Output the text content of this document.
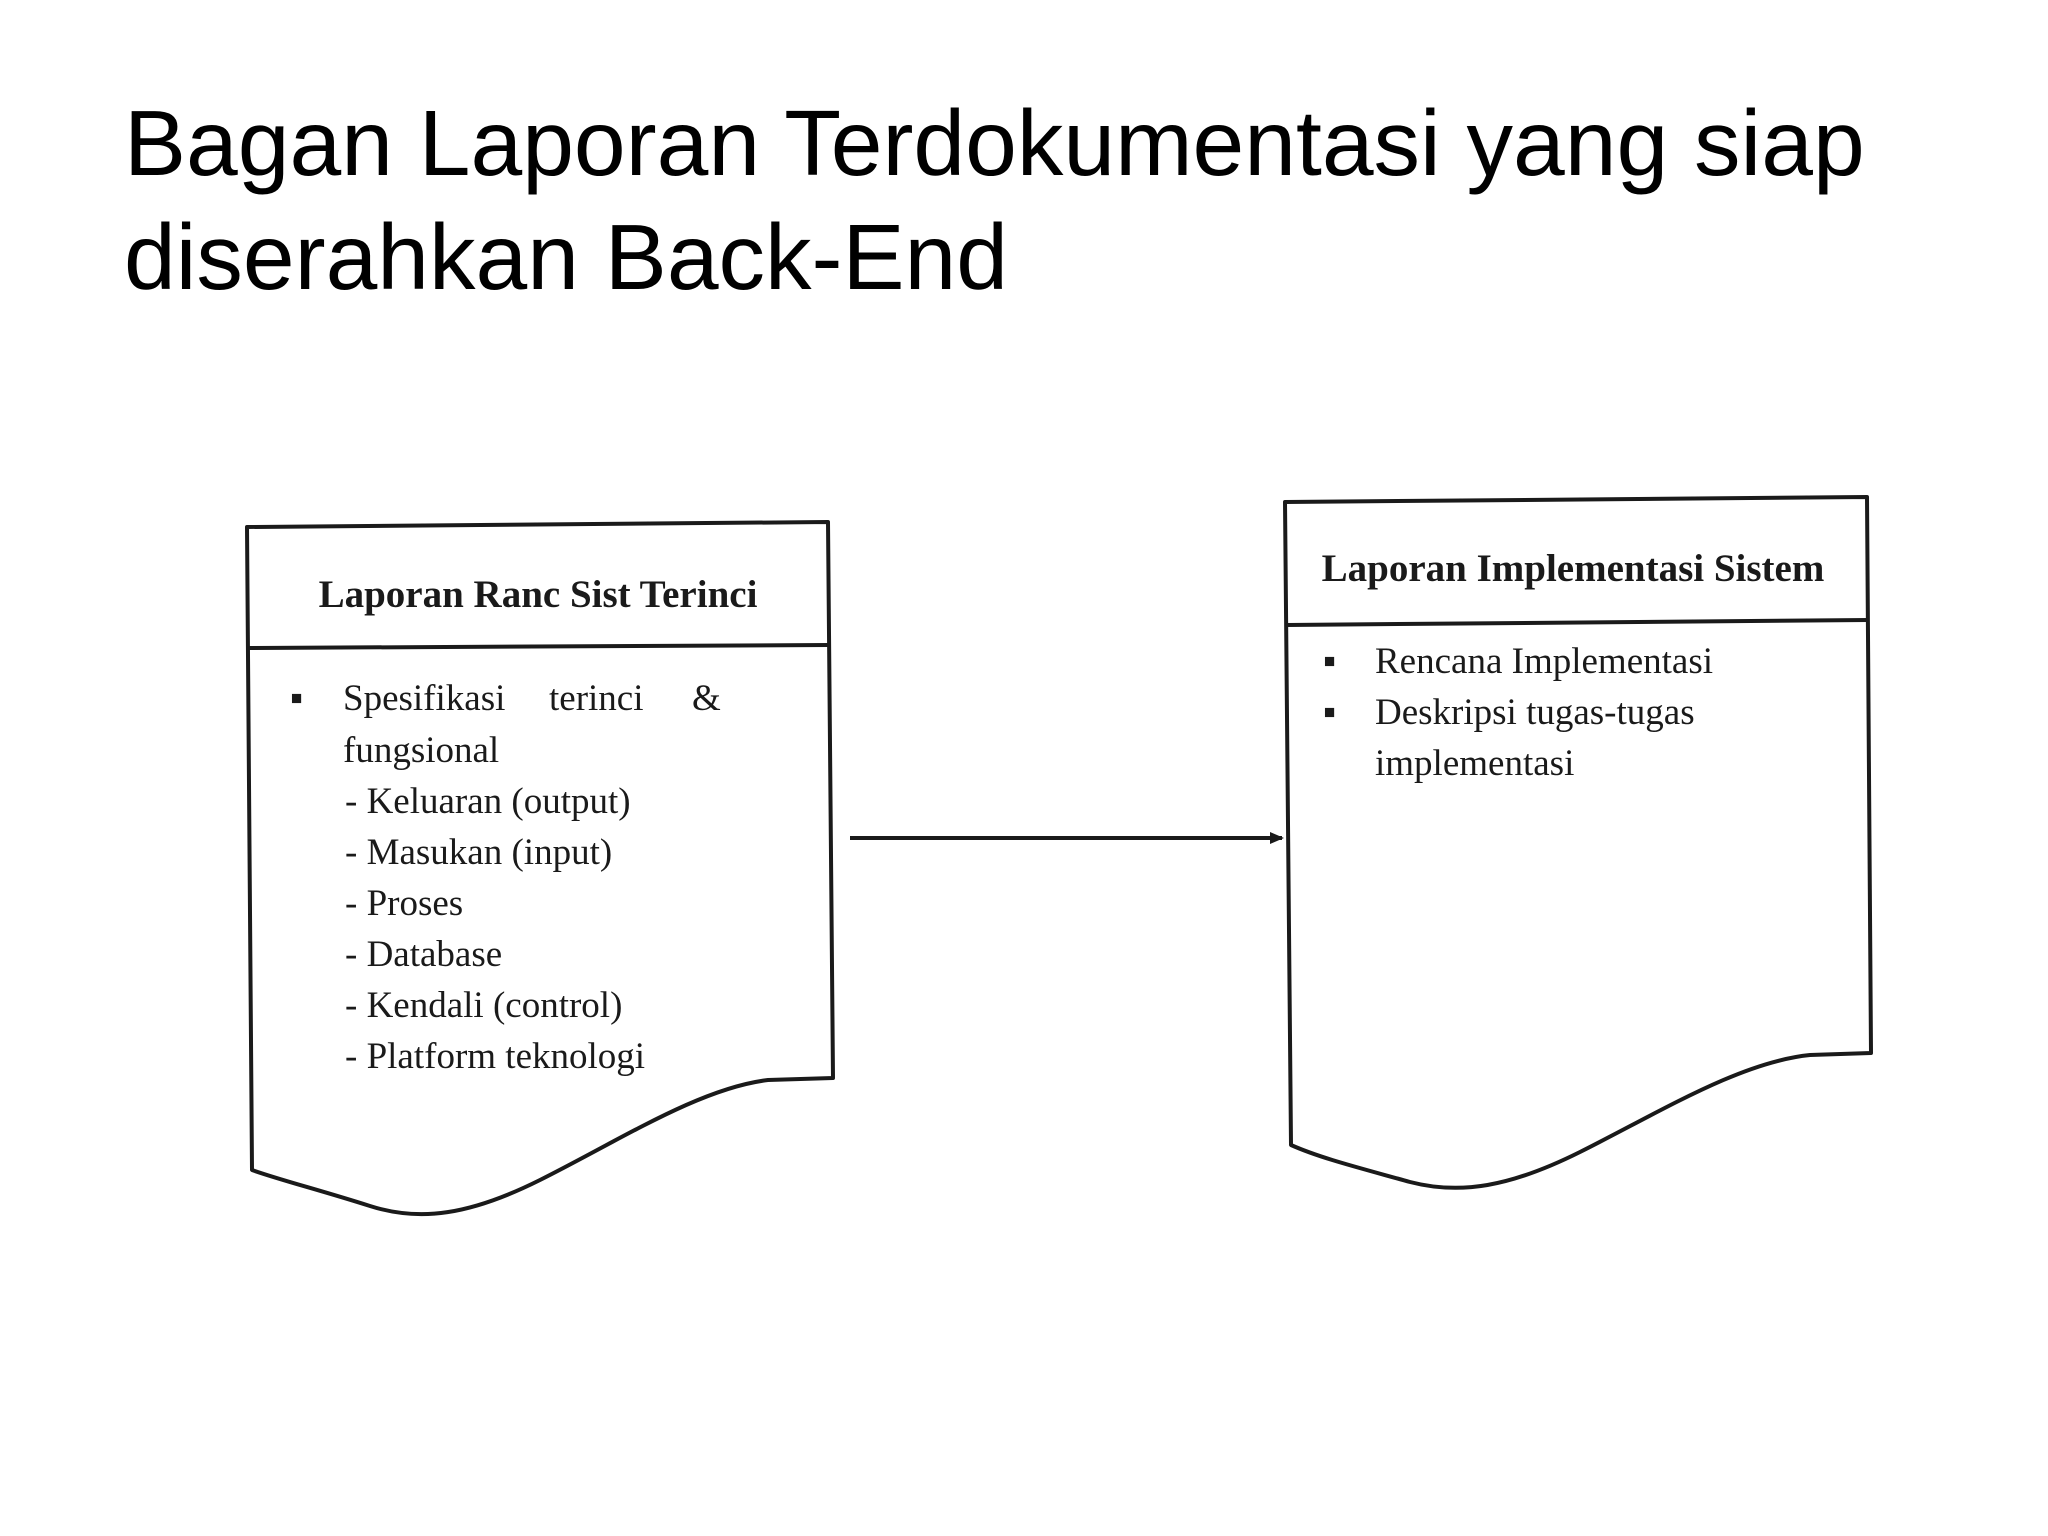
Bagan Laporan Terdokumentasi yang siap
diserahkan Back-End
Laporan Ranc Sist Terinci
▪ Spesifikasi terinci &
fungsional
- Keluaran (output)
- Masukan (input)
- Proses
- Database
- Kendali (control)
- Platform teknologi
Laporan Implementasi Sistem
▪ Rencana Implementasi
▪ Deskripsi tugas-tugas
implementasi
